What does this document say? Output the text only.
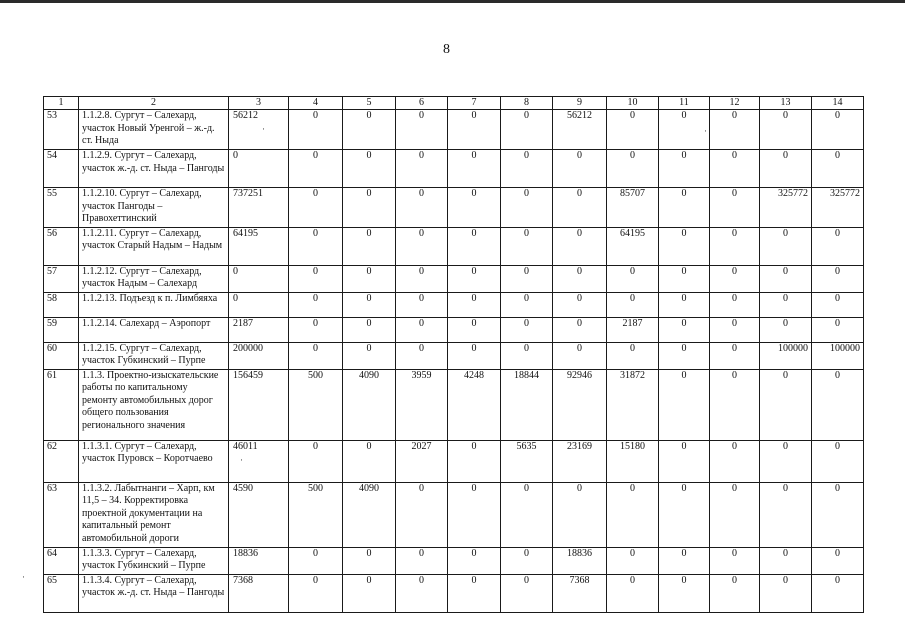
8
1	2	3	4	5	6	7	8	9	10	11	12	13	14
53	1.1.2.8. Сургут – Салехард, участок Новый Уренгой – ж.-д. ст. Ныда	56212	0	0	0	0	0	56212	0	0	0	0	0
54	1.1.2.9. Сургут – Салехард, участок ж.-д. ст. Ныда – Пангоды	0	0	0	0	0	0	0	0	0	0	0	0
55	1.1.2.10. Сургут – Салехард, участок Пангоды – Правохеттинский	737251	0	0	0	0	0	0	85707	0	0	325772	325772
56	1.1.2.11. Сургут – Салехард, участок Старый Надым – Надым	64195	0	0	0	0	0	0	64195	0	0	0	0
57	1.1.2.12. Сургут – Салехард, участок Надым – Салехард	0	0	0	0	0	0	0	0	0	0	0	0
58	1.1.2.13. Подъезд к п. Лимбяяха	0	0	0	0	0	0	0	0	0	0	0	0
59	1.1.2.14. Салехард – Аэропорт	2187	0	0	0	0	0	0	2187	0	0	0	0
60	1.1.2.15. Сургут – Салехард, участок Губкинский – Пурпе	200000	0	0	0	0	0	0	0	0	0	100000	100000
61	1.1.3. Проектно-изыскательские работы по капитальному ремонту автомобильных дорог общего пользования регионального значения	156459	500	4090	3959	4248	18844	92946	31872	0	0	0	0
62	1.1.3.1. Сургут – Салехард, участок Пуровск – Коротчаево	46011	0	0	2027	0	5635	23169	15180	0	0	0	0
63	1.1.3.2. Лабытнанги – Харп, км 11,5 – 34. Корректировка проектной документации на капитальный ремонт автомобильной дороги	4590	500	4090	0	0	0	0	0	0	0	0	0
64	1.1.3.3. Сургут – Салехард, участок Губкинский – Пурпе	18836	0	0	0	0	0	18836	0	0	0	0	0
65	1.1.3.4. Сургут – Салехард, участок ж.-д. ст. Ныда – Пангоды	7368	0	0	0	0	0	7368	0	0	0	0	0
·
·
·
·
